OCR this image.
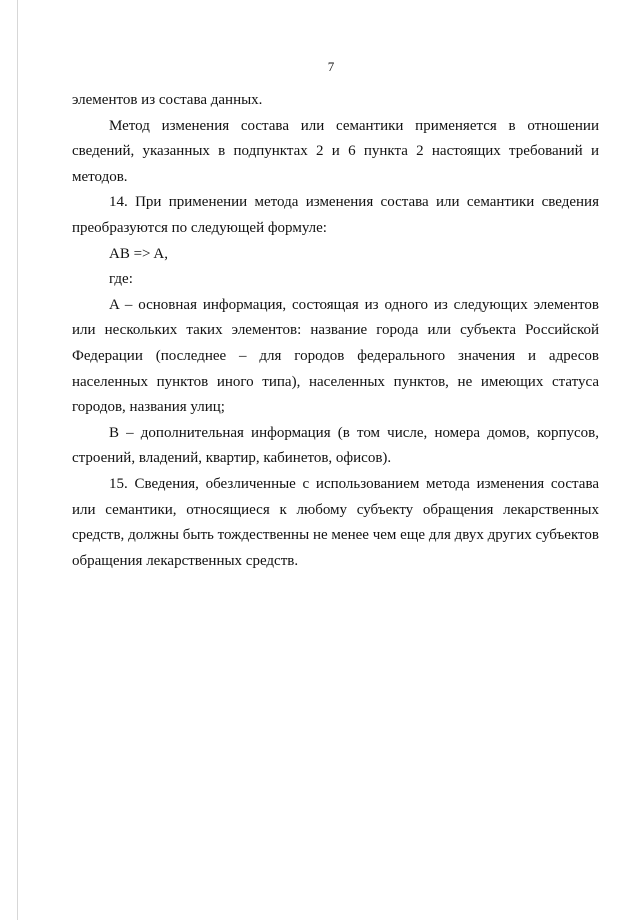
7

элементов из состава данных.

Метод изменения состава или семантики применяется в отношении сведений, указанных в подпунктах 2 и 6 пункта 2 настоящих требований и методов.

14. При применении метода изменения состава или семантики сведения преобразуются по следующей формуле:

AB => A,

где:

A – основная информация, состоящая из одного из следующих элементов или нескольких таких элементов: название города или субъекта Российской Федерации (последнее – для городов федерального значения и адресов населенных пунктов иного типа), населенных пунктов, не имеющих статуса городов, названия улиц;

B – дополнительная информация (в том числе, номера домов, корпусов, строений, владений, квартир, кабинетов, офисов).

15. Сведения, обезличенные с использованием метода изменения состава или семантики, относящиеся к любому субъекту обращения лекарственных средств, должны быть тождественны не менее чем еще для двух других субъектов обращения лекарственных средств.
